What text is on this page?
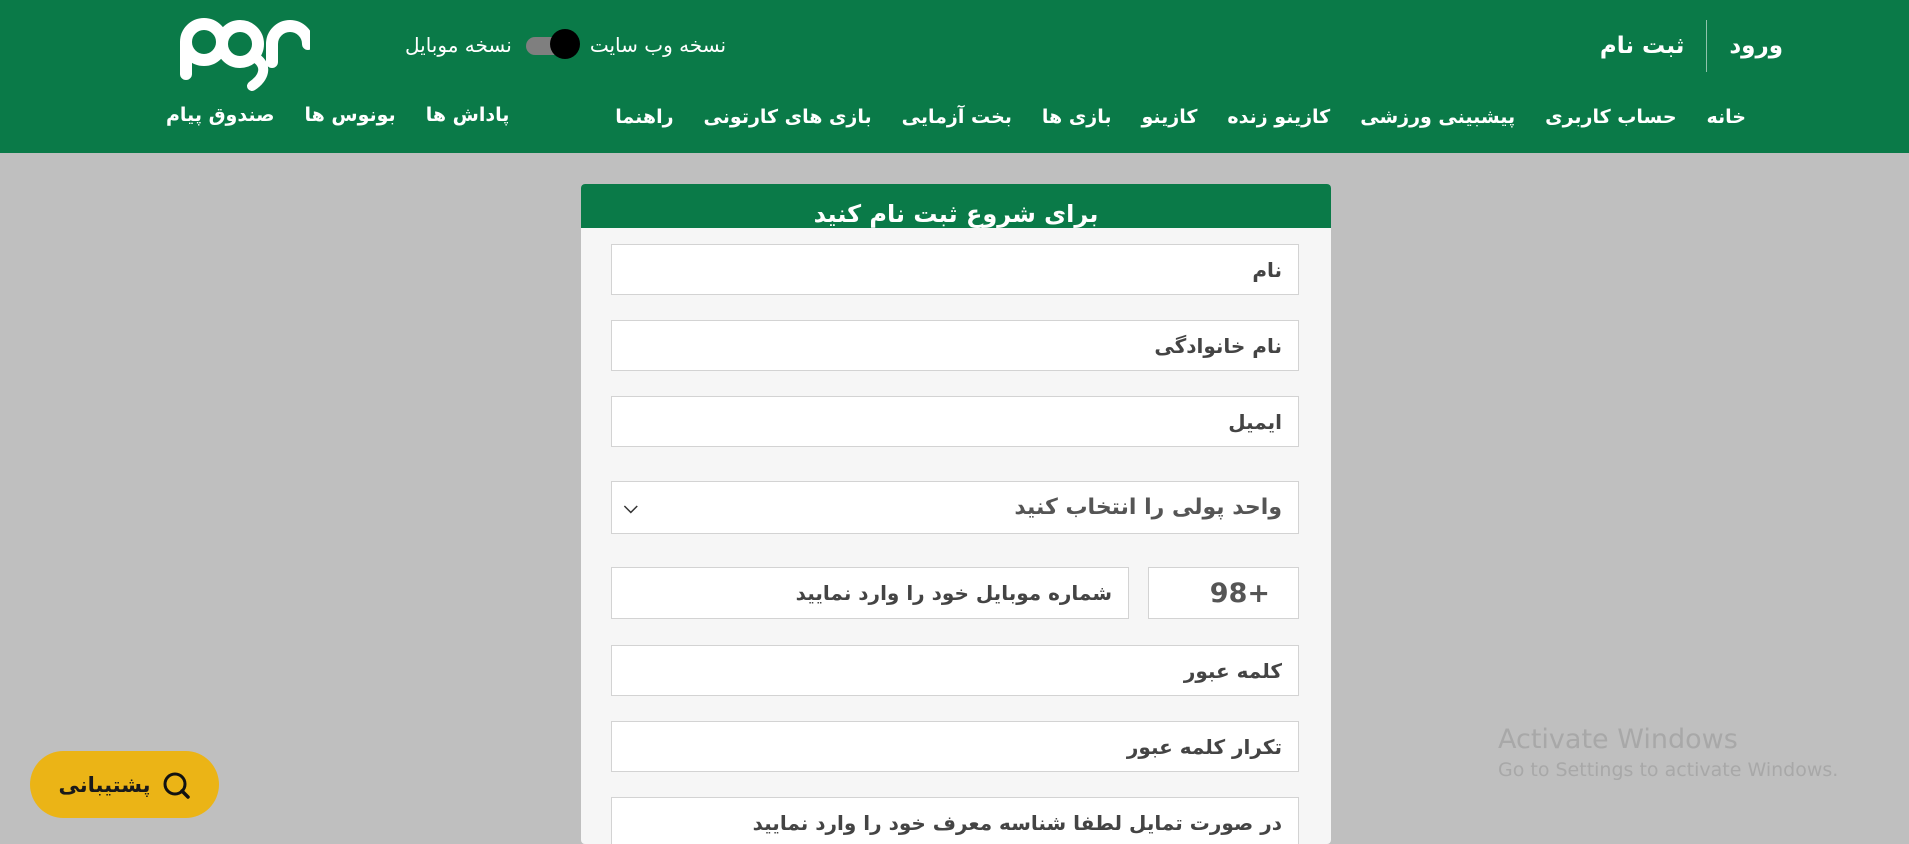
ورود
ثبت نام
نسخه وب سایت
نسخه موبایل
خانه
حساب کاربری
پیشبینی ورزشی
کازینو زنده
کازینو
بازی ها
بخت آزمایی
بازی های کارتونی
راهنما
پاداش ها
بونوس ها
صندوق پیام
برای شروع ثبت نام کنید
نام
نام خانوادگی
ایمیل
واحد پولی را انتخاب کنید
⌵
شماره موبایل خود را وارد نمایید	+98
کلمه عبور
تکرار کلمه عبور
در صورت تمایل لطفا شناسه معرف خود را وارد نمایید
پشتیبانی
Activate Windows
Go to Settings to activate Windows.
